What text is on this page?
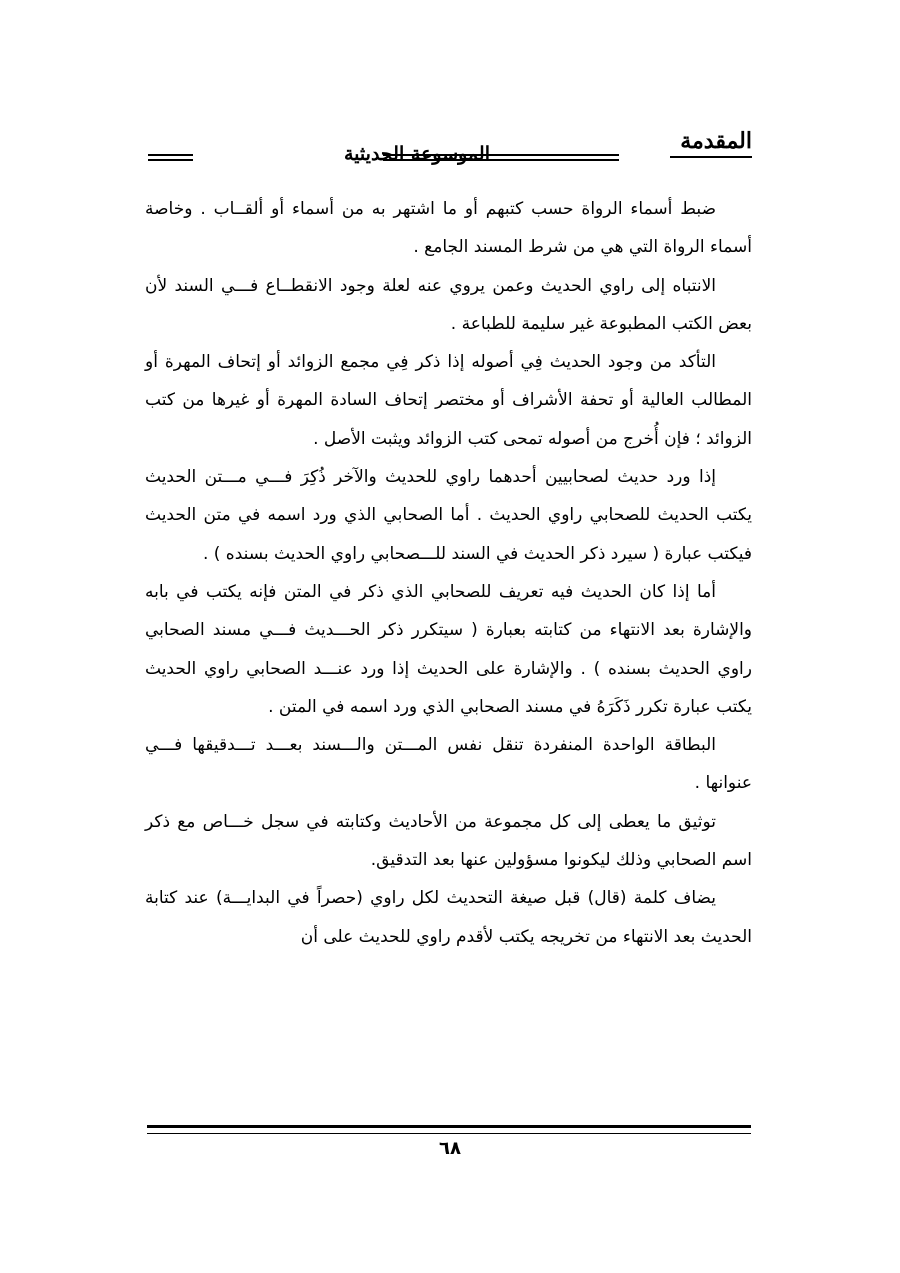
المقدمة
الموسوعة الحديثية

ضبط أسماء الرواة حسب كتبهم أو ما اشتهر به من أسماء أو ألقــاب . وخاصة أسماء الرواة التي هي من شرط المسند الجامع .

الانتباه إلى راوي الحديث وعمن يروي عنه لعلة وجود الانقطــاع فـــي السند لأن بعض الكتب المطبوعة غير سليمة للطباعة .

التأكد من وجود الحديث فِي أصوله إذا ذكر فِي مجمع الزوائد أو إتحاف المهرة أو المطالب العالية أو تحفة الأشراف أو مختصر إتحاف السادة المهرة أو غيرها من كتب الزوائد ؛ فإن أُخرج من أصوله تمحى كتب الزوائد ويثبت الأصل .

إذا ورد حديث لصحابيين أحدهما راوي للحديث والآخر ذُكِرَ فـــي مـــتن الحديث يكتب الحديث للصحابي راوي الحديث . أما الصحابي الذي ورد اسمه في متن الحديث فيكتب عبارة ( سيرد ذكر الحديث في السند للـــصحابي راوي الحديث بسنده ) .

أما إذا كان الحديث فيه تعريف للصحابي الذي ذكر في المتن فإنه يكتب في بابه والإشارة بعد الانتهاء من كتابته بعبارة ( سيتكرر ذكر الحـــديث فـــي مسند الصحابي راوي الحديث بسنده ) . والإشارة على الحديث إذا ورد عنـــد الصحابي راوي الحديث يكتب عبارة تكرر ذَكَرَهُ في مسند الصحابي الذي ورد اسمه في المتن .

البطاقة الواحدة المنفردة تنقل نفس المـــتن والـــسند بعـــد تـــدقيقها فـــي عنوانها .

توثيق ما يعطى إلى كل مجموعة من الأحاديث وكتابته في سجل خـــاص مع ذكر اسم الصحابي وذلك ليكونوا مسؤولين عنها بعد التدقيق.

يضاف كلمة (قال) قبل صيغة التحديث لكل راوي (حصراً في البدايـــة) عند كتابة الحديث بعد الانتهاء من تخريجه يكتب لأقدم راوي للحديث على أن

٦٨
